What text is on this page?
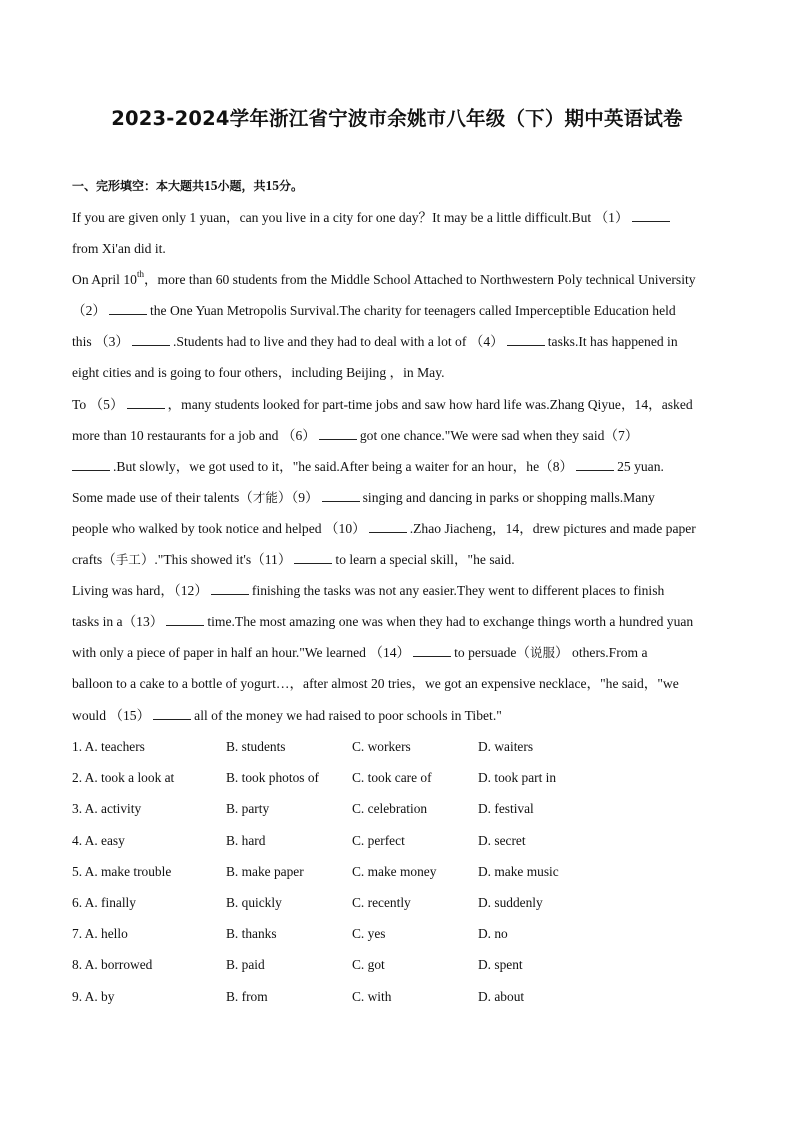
2023-2024学年浙江省宁波市余姚市八年级（下）期中英语试卷
一、完形填空：本大题共15小题，共15分。
If you are given only 1 yuan，can you live in a city for one day？It may be a little difficult.But （1）
from Xi'an did it.
On April 10th，more than 60 students from the Middle School Attached to Northwestern Poly technical University
（2）	the One Yuan Metropolis Survival.The charity for teenagers called Imperceptible Education held
this （3）	.Students had to live and they had to deal with a lot of （4）	tasks.It has happened in
eight cities and is going to four others，including Beijing ，in May.
To （5）	，many students looked for part-time jobs and saw how hard life was.Zhang Qiyue，14，asked
more than 10 restaurants for a job and （6）	got one chance."We were sad when they said（7）
.But slowly，we got used to it，"he said.After being a waiter for an hour，he（8）	25 yuan.
Some made use of their talents（才能）（9）	singing and dancing in parks or shopping malls.Many
people who walked by took notice and helped （10）	.Zhao Jiacheng，14，drew pictures and made paper
crafts（手工）."This showed it's（11）	to learn a special skill，"he said.
Living was hard，（12）	finishing the tasks was not any easier.They went to different places to finish
tasks in a（13）	time.The most amazing one was when they had to exchange things worth a hundred yuan
with only a piece of paper in half an hour."We learned （14）	to persuade（说服） others.From a
balloon to a cake to a bottle of yogurt…，after almost 20 tries，we got an expensive necklace，"he said，"we
would （15）	all of the money we had raised to poor schools in Tibet."
1. A. teachers	B. students	C. workers	D. waiters
2. A. took a look at	B. took photos of C. took care of	D. took part in
3. A. activity	B. party	C. celebration	D. festival
4. A. easy	B. hard	C. perfect	D. secret
5. A. make trouble	B. make paper	C. make money	D. make music
6. A. finally	B. quickly	C. recently	D. suddenly
7. A. hello	B. thanks	C. yes	D. no
8. A. borrowed	B. paid	C. got	D. spent
9. A. by	B. from	C. with	D. about
